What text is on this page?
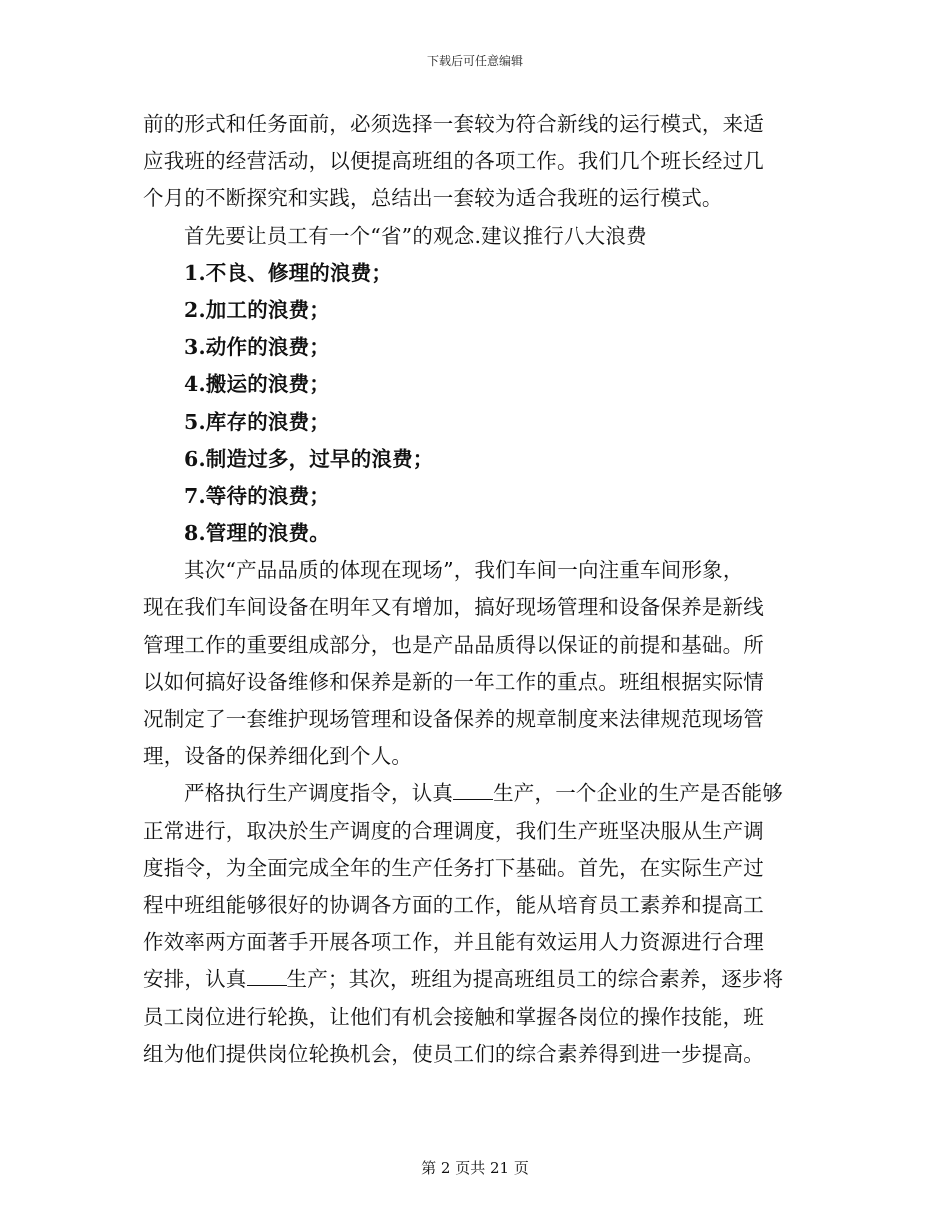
下载后可任意编辑
前的形式和任务面前，必须选择一套较为符合新线的运行模式，来适
应我班的经营活动，以便提高班组的各项工作。我们几个班长经过几
个月的不断探究和实践，总结出一套较为适合我班的运行模式。
首先要让员工有一个“省”的观念.建议推行八大浪费
1.不良、修理的浪费；
2.加工的浪费；
3.动作的浪费；
4.搬运的浪费；
5.库存的浪费；
6.制造过多，过早的浪费；
7.等待的浪费；
8.管理的浪费。
其次“产品品质的体现在现场”，我们车间一向注重车间形象，
现在我们车间设备在明年又有增加，搞好现场管理和设备保养是新线
管理工作的重要组成部分，也是产品品质得以保证的前提和基础。所
以如何搞好设备维修和保养是新的一年工作的重点。班组根据实际情
况制定了一套维护现场管理和设备保养的规章制度来法律规范现场管
理，设备的保养细化到个人。
严格执行生产调度指令，认真 生产，一个企业的生产是否能够
正常进行，取决於生产调度的合理调度，我们生产班坚决服从生产调
度指令，为全面完成全年的生产任务打下基础。首先，在实际生产过
程中班组能够很好的协调各方面的工作，能从培育员工素养和提高工
作效率两方面著手开展各项工作，并且能有效运用人力资源进行合理
安排，认真 生产；其次，班组为提高班组员工的综合素养，逐步将
员工岗位进行轮换，让他们有机会接触和掌握各岗位的操作技能，班
组为他们提供岗位轮换机会，使员工们的综合素养得到进一步提高。
第 2 页共 21 页
